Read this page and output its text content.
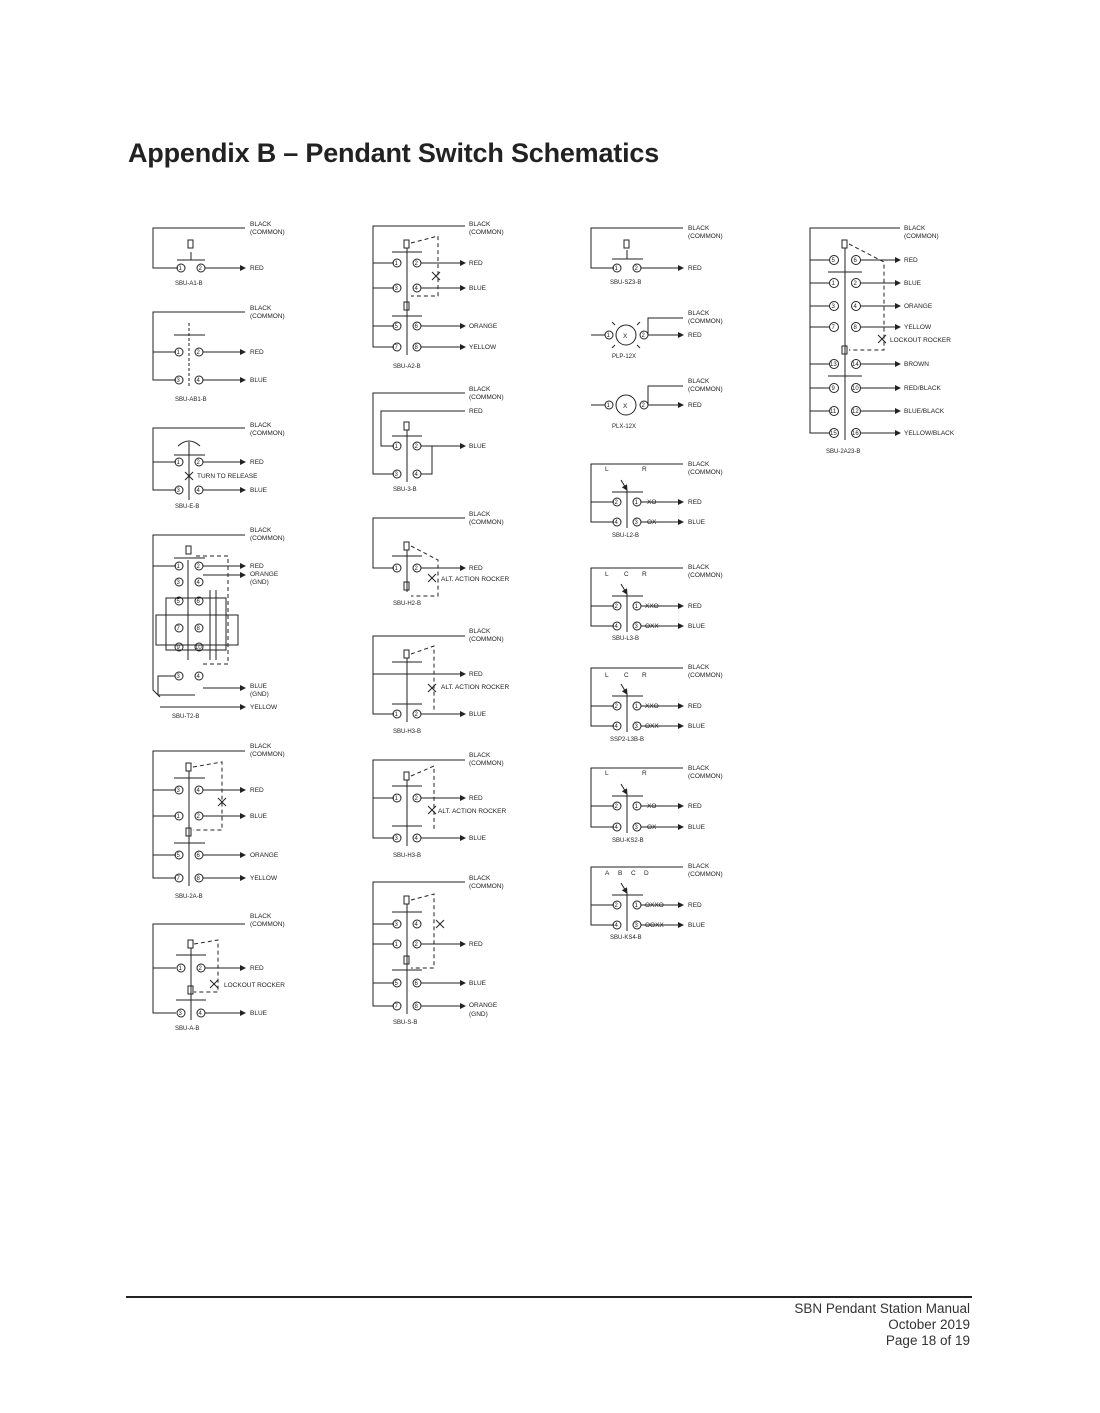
Appendix B – Pendant Switch Schematics
BLACK
(COMMON)
RED
SBU-A1-B
1	2
BLACK
(COMMON)
RED
BLUE
SBU-AB1-B
1	2
3	4
BLACK
(COMMON)
RED
TURN TO RELEASE
BLUE
SBU-E-B
1	2
3	4
BLACK
(COMMON)
RED
ORANGE
(GND)
BLUE
(GND)
YELLOW
SBU-T2-B
1	2
3	4
5	6
7	8
9	10
3	4
BLACK
(COMMON)
RED
BLUE
ORANGE
YELLOW
SBU-2A-B
3	4
1	2
5	6
7	8
BLACK
(COMMON)
RED
LOCKOUT ROCKER
BLUE
SBU-A-B
1	2
3	4
BLACK
(COMMON)
RED
BLUE
ORANGE
YELLOW
SBU-A2-B
1	2
3	4
5	6
7	8
BLACK
(COMMON)
RED
BLUE
SBU-3-B
1	2
3	4
BLACK
(COMMON)
RED
ALT. ACTION ROCKER
SBU-H2-B
1	2
BLACK
(COMMON)
RED
ALT. ACTION ROCKER
BLUE
SBU-H3-B
1	2
BLACK
(COMMON)
RED
ALT. ACTION ROCKER
BLUE
SBU-H3-B
1	2
3	4
BLACK
(COMMON)
RED
BLUE
ORANGE
(GND)
SBU-S-B
3	4
1	2
5	6
7	8
BLACK
(COMMON)
RED
SBU-SZ3-B
1	2
BLACK
(COMMON)
RED
X
PLP-12X
1	2
BLACK
(COMMON)
RED
X
PLX-12X
1	2
BLACK
(COMMON)
L	R
XO
OX
RED
BLUE
SBU-L2-B
2	1
4	3
BLACK
(COMMON)
L C R
XXO
OXX
RED
BLUE
SBU-L3-B
2	1
4	3
BLACK
(COMMON)
L C R
XXO
OXX
RED
BLUE
SSP2-L3B-B
2	1
4	3
BLACK
(COMMON)
L	R
XO
OX
RED
BLUE
SBU-KS2-B
2	1
4	3
BLACK
(COMMON)
A B C D
OXXO
OOXX
RED
BLUE
SBU-KS4-B
2	1
4	3
BLACK
(COMMON)
RED
BLUE
ORANGE
YELLOW
LOCKOUT ROCKER
BROWN
RED/BLACK
BLUE/BLACK
YELLOW/BLACK
SBU-2A23-B
5	6
1	2
3	4
7	8
13	14
9	10
11	12
15	16
SBN Pendant Station Manual
October 2019
Page 18 of 19
